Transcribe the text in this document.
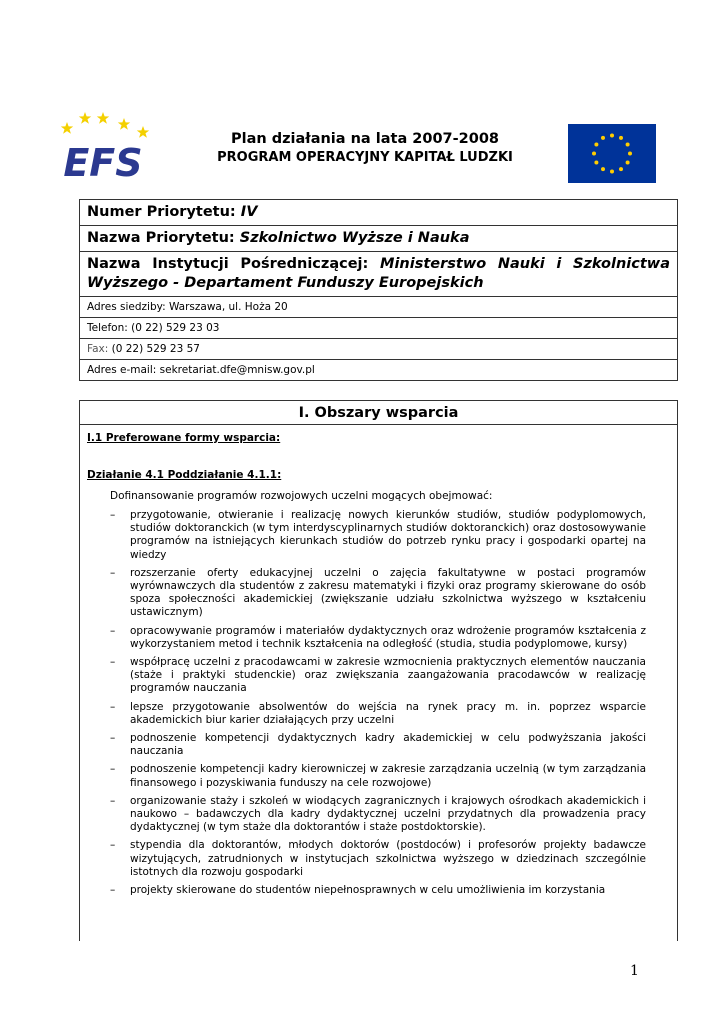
EFS
Plan działania na lata 2007-2008
PROGRAM OPERACYJNY KAPITAŁ LUDZKI
Numer Priorytetu: IV
Nazwa Priorytetu: Szkolnictwo Wyższe i Nauka
Nazwa Instytucji Pośredniczącej: Ministerstwo Nauki i Szkolnictwa Wyższego - Departament Funduszy Europejskich
Adres siedziby: Warszawa, ul. Hoża 20
Telefon: (0 22) 529 23 03
Fax: (0 22) 529 23 57
Adres e-mail: sekretariat.dfe@mnisw.gov.pl
I. Obszary wsparcia
I.1 Preferowane formy wsparcia:
Działanie 4.1 Poddziałanie 4.1.1:
Dofinansowanie programów rozwojowych uczelni mogących obejmować:
– przygotowanie, otwieranie i realizację nowych kierunków studiów, studiów podyplomowych, studiów doktoranckich (w tym interdyscyplinarnych studiów doktoranckich) oraz dostosowywanie programów na istniejących kierunkach studiów do potrzeb rynku pracy i gospodarki opartej na wiedzy
– rozszerzanie oferty edukacyjnej uczelni o zajęcia fakultatywne w postaci programów wyrównawczych dla studentów z zakresu matematyki i fizyki oraz programy skierowane do osób spoza społeczności akademickiej (zwiększanie udziału szkolnictwa wyższego w kształceniu ustawicznym)
– opracowywanie programów i materiałów dydaktycznych oraz wdrożenie programów kształcenia z wykorzystaniem metod i technik kształcenia na odległość (studia, studia podyplomowe, kursy)
– współpracę uczelni z pracodawcami w zakresie wzmocnienia praktycznych elementów nauczania (staże i praktyki studenckie) oraz zwiększania zaangażowania pracodawców w realizację programów nauczania
– lepsze przygotowanie absolwentów do wejścia na rynek pracy m. in. poprzez wsparcie akademickich biur karier działających przy uczelni
– podnoszenie kompetencji dydaktycznych kadry akademickiej w celu podwyższania jakości nauczania
– podnoszenie kompetencji kadry kierowniczej w zakresie zarządzania uczelnią (w tym zarządzania finansowego i pozyskiwania funduszy na cele rozwojowe)
– organizowanie staży i szkoleń w wiodących zagranicznych i krajowych ośrodkach akademickich i naukowo – badawczych dla kadry dydaktycznej uczelni przydatnych dla prowadzenia pracy dydaktycznej (w tym staże dla doktorantów i staże postdoktorskie).
– stypendia dla doktorantów, młodych doktorów (postdoców) i profesorów projekty badawcze wizytujących, zatrudnionych w instytucjach szkolnictwa wyższego w dziedzinach szczególnie istotnych dla rozwoju gospodarki
– projekty skierowane do studentów niepełnosprawnych w celu umożliwienia im korzystania
1
